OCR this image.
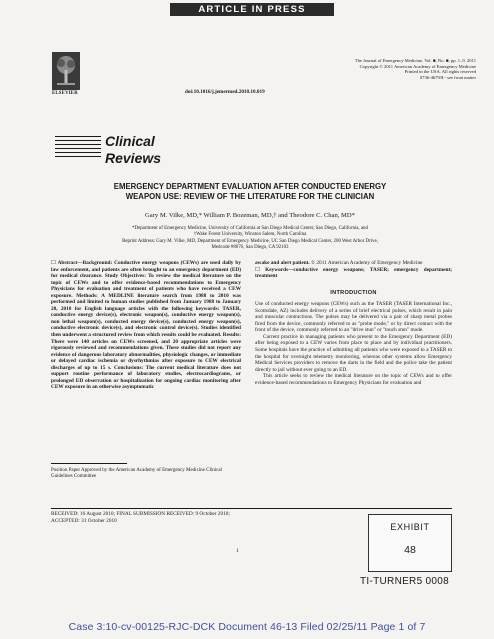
ARTICLE IN PRESS
The Journal of Emergency Medicine, Vol. ■, No. ■, pp. 1–9, 2011
Copyright © 2011 American Academy of Emergency Medicine
Printed in the USA. All rights reserved
0736-4679/$ - see front matter
ELSEVIER	doi:10.1016/j.jemermed.2010.10.019
Clinical
Reviews
EMERGENCY DEPARTMENT EVALUATION AFTER CONDUCTED ENERGY
WEAPON USE: REVIEW OF THE LITERATURE FOR THE CLINICIAN
Gary M. Vilke, MD,* William P. Bozeman, MD,† and Theodore C. Chan, MD*
*Department of Emergency Medicine, University of California at San Diego Medical Center, San Diego, California, and
†Wake Forest University, Winston Salem, North Carolina
Reprint Address: Gary M. Vilke, MD, Department of Emergency Medicine, UC San Diego Medical Center, 200 West Arbor Drive,
Medcode #8676, San Diego, CA 92103
☐ Abstract—Background: Conductive energy weapons (CEWs) are used daily by law enforcement, and patients are often brought to an emergency department (ED) for medical clearance. Study Objectives: To review the medical literature on the topic of CEWs and to offer evidence-based recommendations to Emergency Physicians for evaluation and treatment of patients who have received a CEW exposure. Methods: A MEDLINE literature search from 1988 to 2010 was performed and limited to human studies published from January 1988 to January 20, 2010 for English language articles with the following keywords: TASER, conductive energy device(s), electronic weapon(s), conductive energy weapon(s), non lethal weapon(s), conducted energy device(s), conducted energy weapon(s), conductive electronic device(s), and electronic control device(s). Studies identified then underwent a structured review from which results could be evaluated. Results: There were 140 articles on CEWs screened, and 20 appropriate articles were rigorously reviewed and recommendations given. These studies did not report any evidence of dangerous laboratory abnormalities, physiologic changes, or immediate or delayed cardiac ischemia or dysrhythmias after exposure to CEW electrical discharges of up to 15 s. Conclusions: The current medical literature does not support routine performance of laboratory studies, electrocardiograms, or prolonged ED observation or hospitalization for ongoing cardiac monitoring after CEW exposure in an otherwise asymptomatic

awake and alert patient. © 2011 American Academy of Emergency Medicine

☐ Keywords—conductive energy weapons; TASER; emergency department; treatment

INTRODUCTION

Use of conducted energy weapons (CEWs) such as the TASER (TASER International Inc., Scottsdale, AZ) includes delivery of a series of brief electrical pulses, which result in pain and muscular contractions. The pulses may be delivered via a pair of sharp metal probes fired from the device, commonly referred to as "probe mode," or by direct contact with the front of the device, commonly referred to an "drive stun" or "touch stun" mode.

Current practice in managing patients who present to the Emergency Department (ED) after being exposed to a CEW varies from place to place and by individual practitioners. Some hospitals have the practice of admitting all patients who were exposed to a TASER to the hospital for overnight telemetry monitoring, whereas other systems allow Emergency Medical Services providers to remove the darts in the field and the police take the patient directly to jail without ever going to an ED.

This article seeks to review the medical literature on the topic of CEWs and to offer evidence-based recommendations to Emergency Physicians for evaluation and

Position Paper Approved by the American Academy of Emergency Medicine Clinical Guidelines Committee
RECEIVED: 16 August 2010; FINAL SUBMISSION RECEIVED: 9 October 2010;
ACCEPTED: 31 October 2010
1
EXHIBIT
48
TI-TURNER5 0008
Case 3:10-cv-00125-RJC-DCK Document 46-13 Filed 02/25/11 Page 1 of 7
